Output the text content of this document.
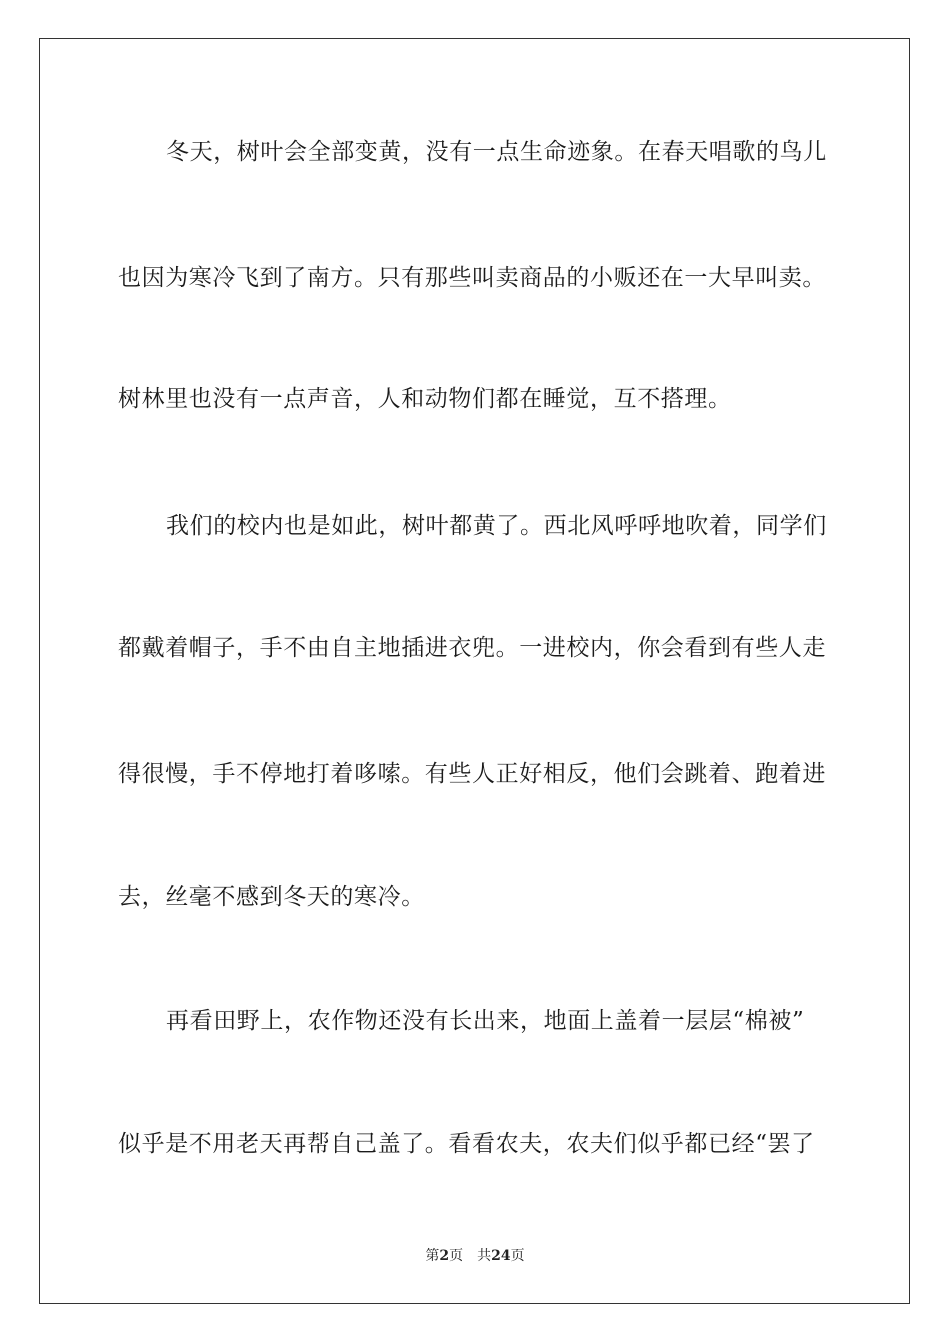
冬天，树叶会全部变黄，没有一点生命迹象。在春天唱歌的鸟儿
也因为寒冷飞到了南方。只有那些叫卖商品的小贩还在一大早叫卖。
树林里也没有一点声音，人和动物们都在睡觉，互不搭理。
我们的校内也是如此，树叶都黄了。西北风呼呼地吹着，同学们
都戴着帽子，手不由自主地插进衣兜。一进校内，你会看到有些人走
得很慢，手不停地打着哆嗦。有些人正好相反，他们会跳着、跑着进
去，丝毫不感到冬天的寒冷。
再看田野上，农作物还没有长出来，地面上盖着一层层“棉被”
似乎是不用老天再帮自己盖了。看看农夫，农夫们似乎都已经“罢了
第2页 共24页
